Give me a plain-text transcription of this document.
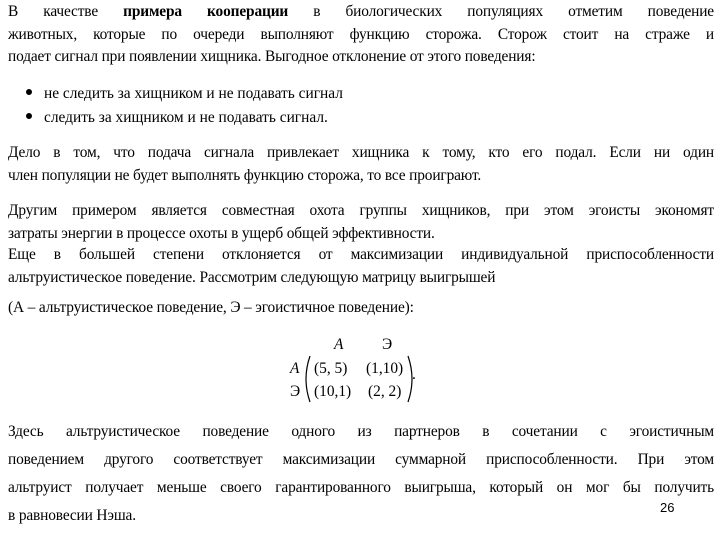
В качестве примера кооперации в биологических популяциях отметим поведение
животных, которые по очереди выполняют функцию сторожа. Сторож стоит на страже и
подает сигнал при появлении хищника. Выгодное отклонение от этого поведения:
не следить за хищником и не подавать сигнал
следить за хищником и не подавать сигнал.
Дело в том, что подача сигнала привлекает хищника к тому, кто его подал. Если ни один
член популяции не будет выполнять функцию сторожа, то все проиграют.
Другим примером является совместная охота группы хищников, при этом эгоисты экономят
затраты энергии в процессе охоты в ущерб общей эффективности.
Еще в большей степени отклоняется от максимизации индивидуальной приспособленности
альтруистическое поведение. Рассмотрим следующую матрицу выигрышей
(А – альтруистическое поведение, Э – эгоистичное поведение):
А	Э
А
Э
(5, 5) (1,10)
(10,1) (2, 2)
.
Здесь альтруистическое поведение одного из партнеров в сочетании с эгоистичным
поведением другого соответствует максимизации суммарной приспособленности. При этом
альтруист получает меньше своего гарантированного выигрыша, который он мог бы получить
в равновесии Нэша.	26
